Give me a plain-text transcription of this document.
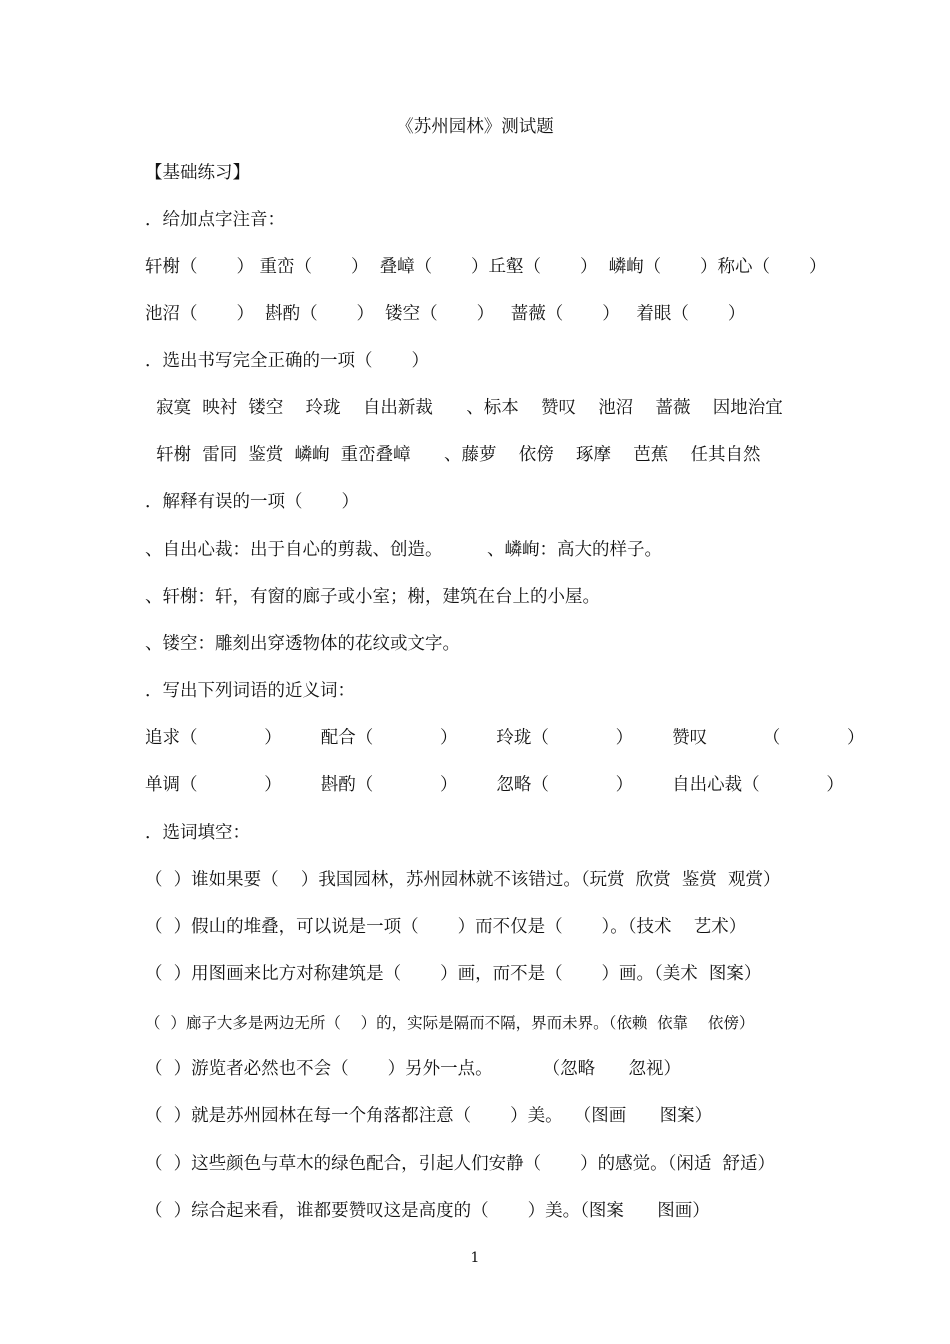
《苏州园林》测试题
【基础练习】
．给加点字注音：
轩榭（       ） 重峦（       ）  叠嶂（       ）丘壑（       ）  嶙峋（       ）称心（       ）
池沼（       ）  斟酌（       ）  镂空（       ）   蔷薇（       ）   着眼（       ）
．选出书写完全正确的一项（       ）
寂寞  映衬  镂空    玲珑    自出新裁      、标本    赞叹    池沼    蔷薇    因地治宜
轩榭  雷同  鉴赏  嶙峋  重峦叠嶂      、藤萝    依傍    琢摩    芭蕉    任其自然
．解释有误的一项（       ）
、自出心裁：出于自心的剪裁、创造。        、嶙峋：高大的样子。
、轩榭：轩，有窗的廊子或小室；榭，建筑在台上的小屋。
、镂空：雕刻出穿透物体的花纹或文字。
．写出下列词语的近义词：
追求（            ）       配合（            ）       玲珑（            ）       赞叹          （            ）
单调（            ）       斟酌（            ）       忽略（            ）       自出心裁（            ）
．选词填空：
（  ）谁如果要（    ）我国园林，苏州园林就不该错过。（玩赏  欣赏  鉴赏  观赏）
（  ）假山的堆叠，可以说是一项（       ）而不仅是（       ）。（技术    艺术）
（  ）用图画来比方对称建筑是（       ）画，而不是（       ）画。（美术  图案）
（  ）廊子大多是两边无所（    ）的，实际是隔而不隔，界而未界。（依赖  依靠    依傍）
（  ）游览者必然也不会（       ）另外一点。         （忽略      忽视）
（  ）就是苏州园林在每一个角落都注意（       ）美。  （图画      图案）
（  ）这些颜色与草木的绿色配合，引起人们安静（       ）的感觉。（闲适  舒适）
（  ）综合起来看，谁都要赞叹这是高度的（       ）美。（图案      图画）
1
